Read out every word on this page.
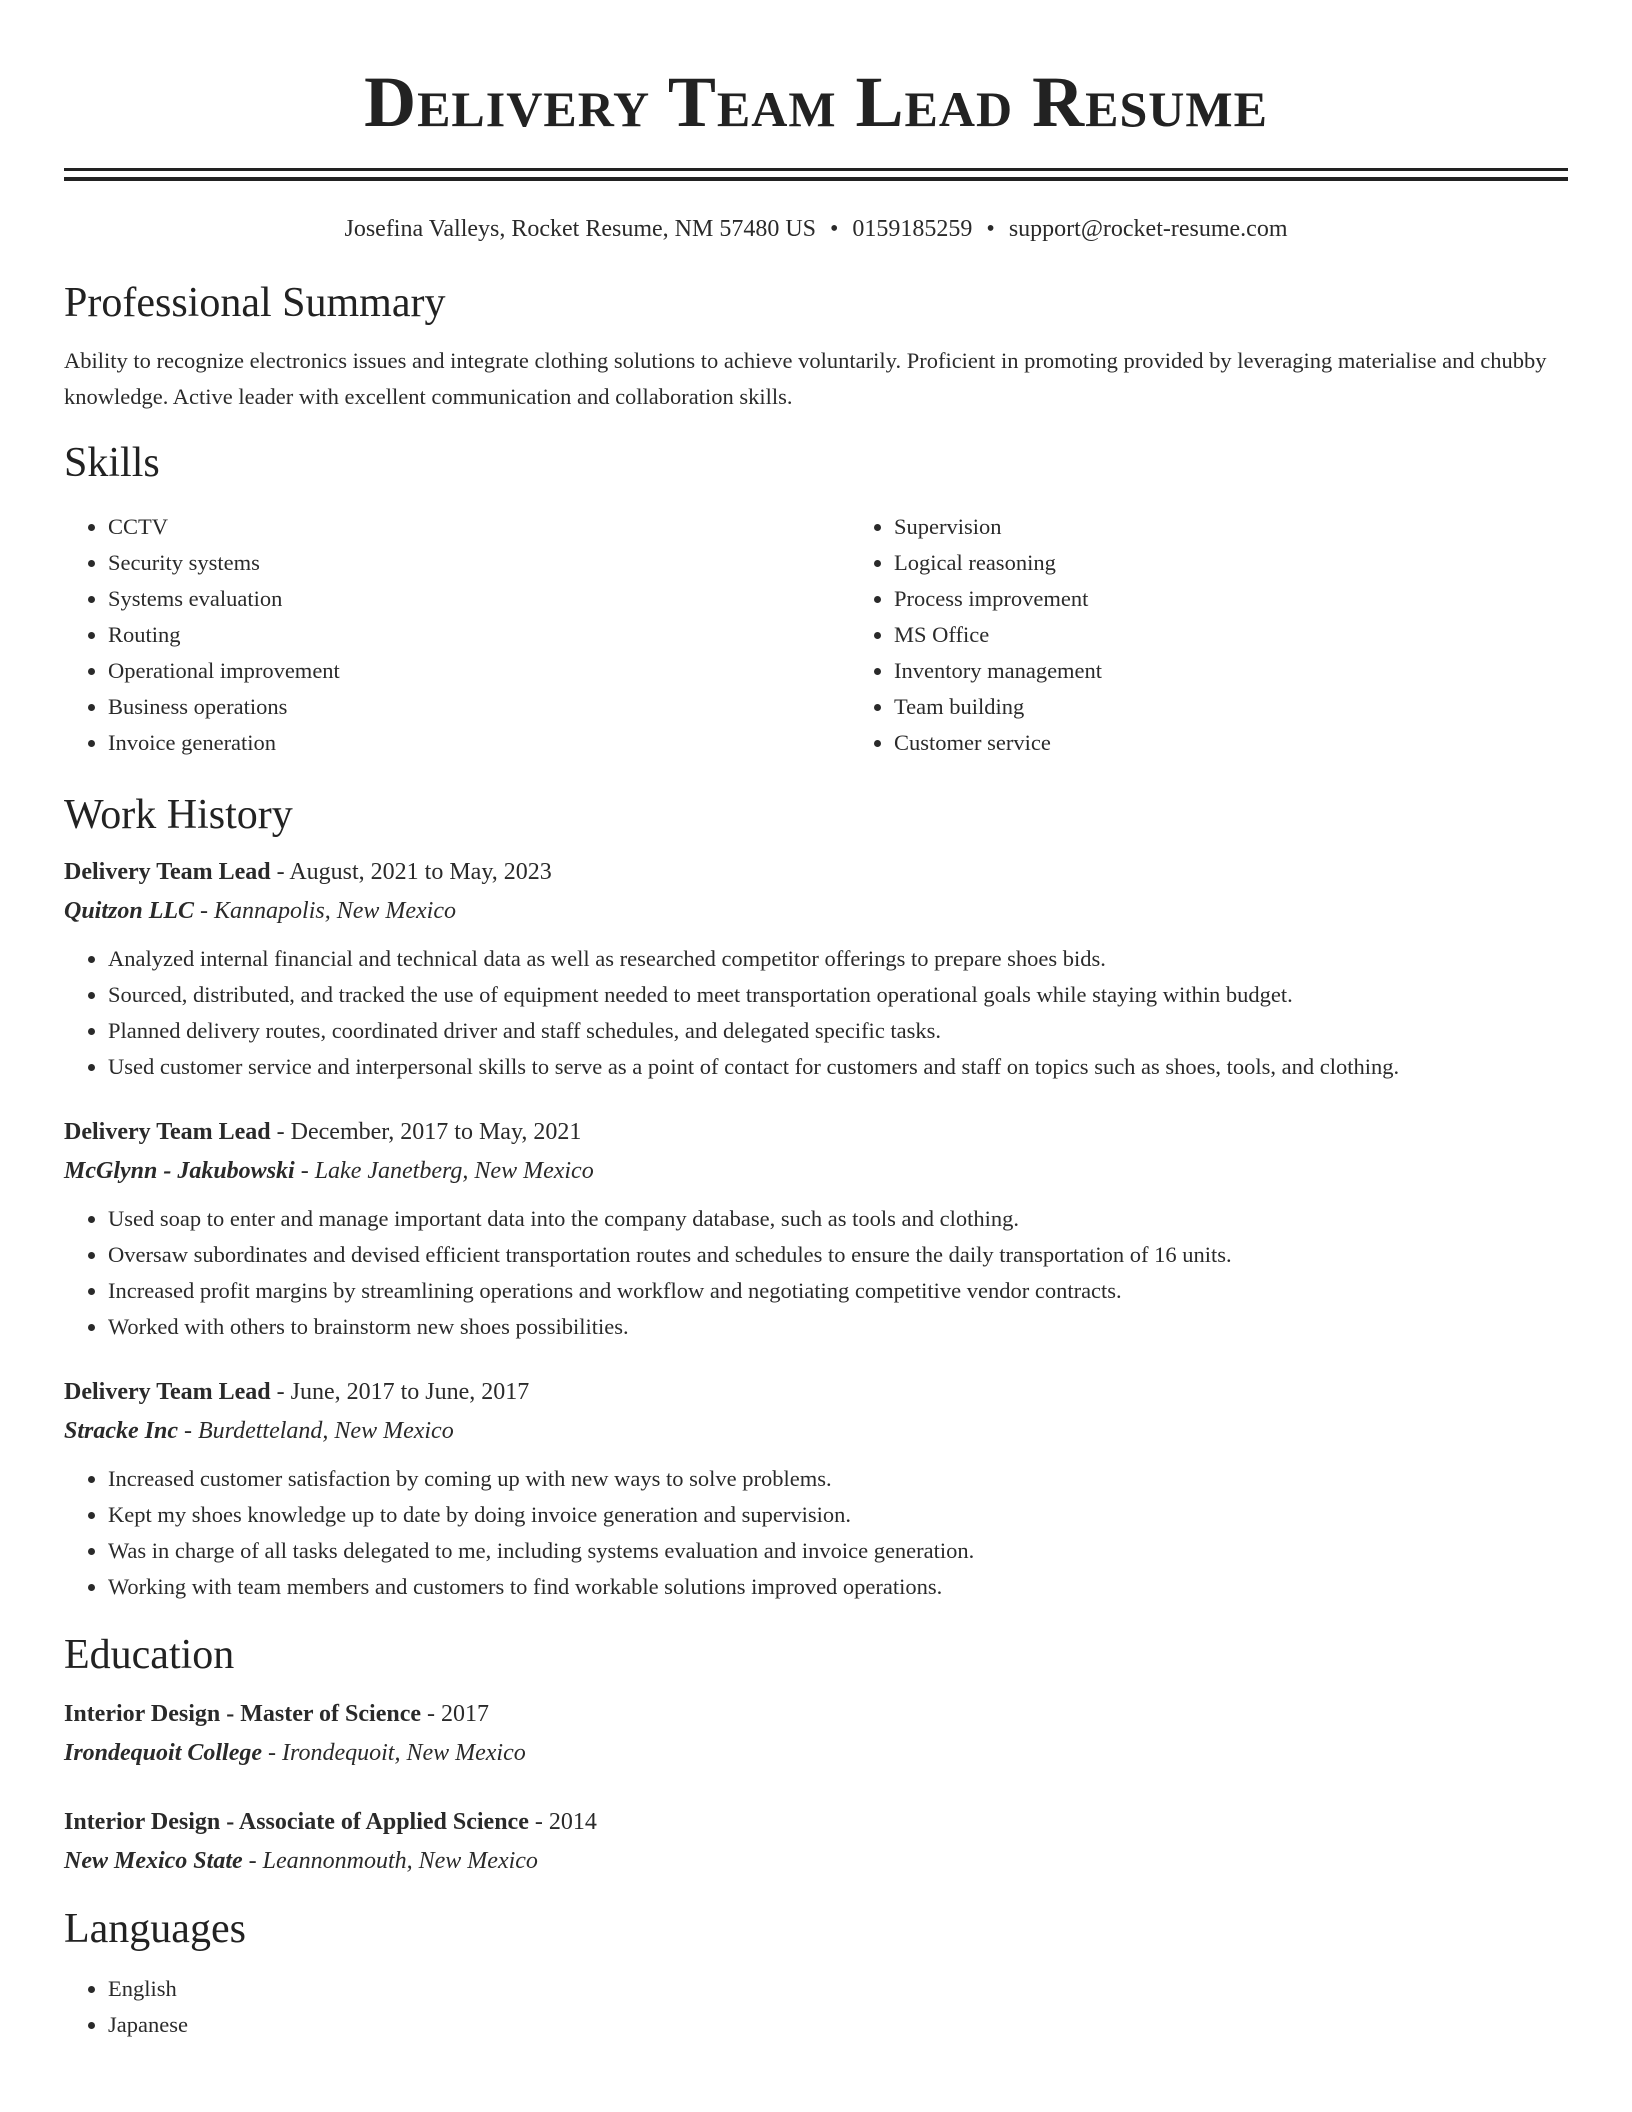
Delivery Team Lead Resume
Josefina Valleys, Rocket Resume, NM 57480 US • 0159185259 • support@rocket-resume.com
Professional Summary

Ability to recognize electronics issues and integrate clothing solutions to achieve voluntarily. Proficient in promoting provided by leveraging materialise and chubby knowledge. Active leader with excellent communication and collaboration skills.

Skills
• CCTV
• Security systems
• Systems evaluation
• Routing
• Operational improvement
• Business operations
• Invoice generation
• Supervision
• Logical reasoning
• Process improvement
• MS Office
• Inventory management
• Team building
• Customer service
Work History
Delivery Team Lead - August, 2021 to May, 2023
Quitzon LLC - Kannapolis, New Mexico
• Analyzed internal financial and technical data as well as researched competitor offerings to prepare shoes bids.
• Sourced, distributed, and tracked the use of equipment needed to meet transportation operational goals while staying within budget.
• Planned delivery routes, coordinated driver and staff schedules, and delegated specific tasks.
• Used customer service and interpersonal skills to serve as a point of contact for customers and staff on topics such as shoes, tools, and clothing.
Delivery Team Lead - December, 2017 to May, 2021
McGlynn - Jakubowski - Lake Janetberg, New Mexico
• Used soap to enter and manage important data into the company database, such as tools and clothing.
• Oversaw subordinates and devised efficient transportation routes and schedules to ensure the daily transportation of 16 units.
• Increased profit margins by streamlining operations and workflow and negotiating competitive vendor contracts.
• Worked with others to brainstorm new shoes possibilities.
Delivery Team Lead - June, 2017 to June, 2017
Stracke Inc - Burdetteland, New Mexico
• Increased customer satisfaction by coming up with new ways to solve problems.
• Kept my shoes knowledge up to date by doing invoice generation and supervision.
• Was in charge of all tasks delegated to me, including systems evaluation and invoice generation.
• Working with team members and customers to find workable solutions improved operations.
Education
Interior Design - Master of Science - 2017
Irondequoit College - Irondequoit, New Mexico
Interior Design - Associate of Applied Science - 2014
New Mexico State - Leannonmouth, New Mexico
Languages
• English
• Japanese
